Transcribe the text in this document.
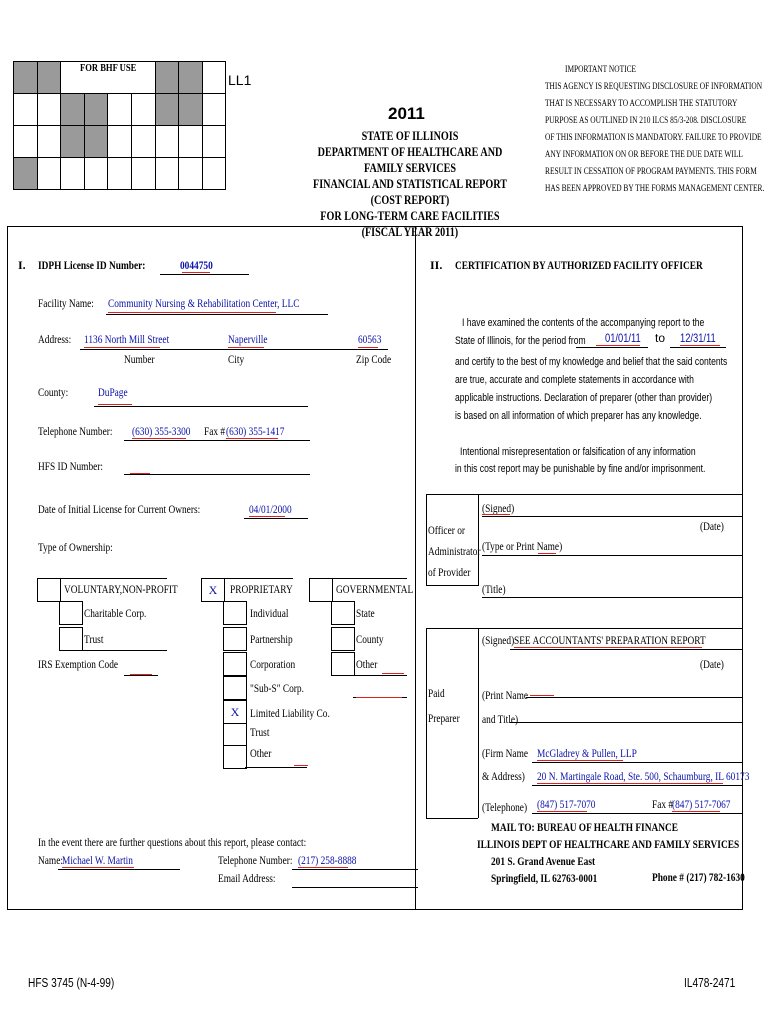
		FOR BHF USE						

LL1
IMPORTANT NOTICE
THIS AGENCY IS REQUESTING DISCLOSURE OF INFORMATION
THAT IS NECESSARY TO ACCOMPLISH THE STATUTORY
PURPOSE AS OUTLINED IN 210 ILCS 85/3-208. DISCLOSURE
OF THIS INFORMATION IS MANDATORY. FAILURE TO PROVIDE
ANY INFORMATION ON OR BEFORE THE DUE DATE WILL
RESULT IN CESSATION OF PROGRAM PAYMENTS. THIS FORM
HAS BEEN APPROVED BY THE FORMS MANAGEMENT CENTER.
2011
STATE OF ILLINOIS
DEPARTMENT OF HEALTHCARE AND FAMILY SERVICES
FINANCIAL AND STATISTICAL REPORT (COST REPORT)
FOR LONG-TERM CARE FACILITIES
(FISCAL YEAR 2011)
I. IDPH License ID Number:	0044750
Facility Name:	Community Nursing & Rehabilitation Center, LLC
Address:	1136 North Mill Street	Naperville	60563
Number	City	Zip Code
County:	DuPage
Telephone Number:	(630) 355-3300	Fax # (630) 355-1417
HFS ID Number:
Date of Initial License for Current Owners:	04/01/2000
Type of Ownership:
VOLUNTARY,NON-PROFIT	X	PROPRIETARY	GOVERNMENTAL
Charitable Corp.
Trust
IRS Exemption Code
Individual
Partnership
Corporation
"Sub-S" Corp.
X Limited Liability Co.
Trust
Other
State
County
Other
In the event there are further questions about this report, please contact:
Name: Michael W. Martin	Telephone Number: (217) 258-8888
Email Address:
II. CERTIFICATION BY AUTHORIZED FACILITY OFFICER
I have examined the contents of the accompanying report to the
State of Illinois, for the period from	01/01/11	to 12/31/11
and certify to the best of my knowledge and belief that the said contents
are true, accurate and complete statements in accordance with
applicable instructions. Declaration of preparer (other than provider)
is based on all information of which preparer has any knowledge.
Intentional misrepresentation or falsification of any information
in this cost report may be punishable by fine and/or imprisonment.
Officer or
Administrator
of Provider
(Signed)
(Date)
(Type or Print Name)
(Title)
Paid
Preparer
(Signed) SEE ACCOUNTANTS' PREPARATION REPORT
(Date)
(Print Name
and Title)
(Firm Name McGladrey & Pullen, LLP
& Address)	20 N. Martingale Road, Ste. 500, Schaumburg, IL 60173
(Telephone) (847) 517-7070	Fax #
(847) 517-7067
MAIL TO: BUREAU OF HEALTH FINANCE
ILLINOIS DEPT OF HEALTHCARE AND FAMILY SERVICES
201 S. Grand Avenue East
Springfield, IL 62763-0001	Phone # (217) 782-1630
HFS 3745 (N-4-99)	IL478-2471
